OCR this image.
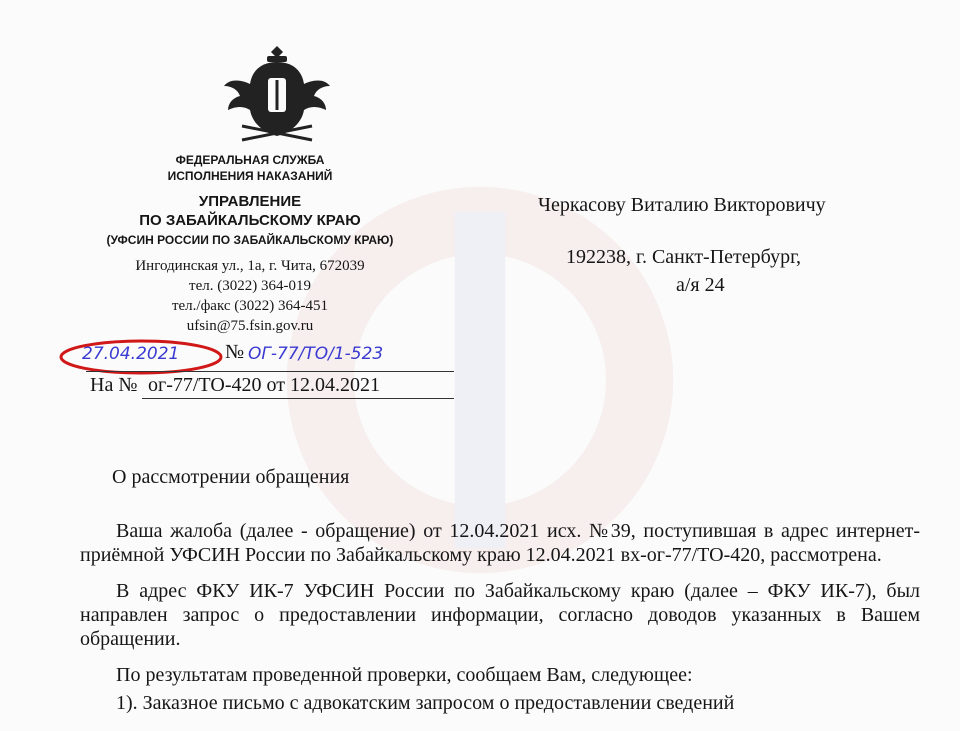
ФЕДЕРАЛЬНАЯ СЛУЖБА
ИСПОЛНЕНИЯ НАКАЗАНИЙ
УПРАВЛЕНИЕ
ПО ЗАБАЙКАЛЬСКОМУ КРАЮ
(УФСИН РОССИИ ПО ЗАБАЙКАЛЬСКОМУ КРАЮ)
Ингодинская ул., 1а, г. Чита, 672039
тел. (3022) 364-019
тел./факс (3022) 364-451
ufsin@75.fsin.gov.ru
27.04.2021 № ОГ-77/ТО/1-523
На № ог-77/ТО-420 от 12.04.2021
Черкасову Виталию Викторовичу
192238, г. Санкт-Петербург,
а/я 24
О рассмотрении обращения

Ваша жалоба (далее - обращение) от 12.04.2021 исх. №39, поступившая в адрес интернет-приёмной УФСИН России по Забайкальскому краю 12.04.2021 вх-ог-77/ТО-420, рассмотрена.

В адрес ФКУ ИК-7 УФСИН России по Забайкальскому краю (далее – ФКУ ИК-7), был направлен запрос о предоставлении информации, согласно доводов указанных в Вашем обращении.

По результатам проведенной проверки, сообщаем Вам, следующее:

1). Заказное письмо с адвокатским запросом о предоставлении сведений
